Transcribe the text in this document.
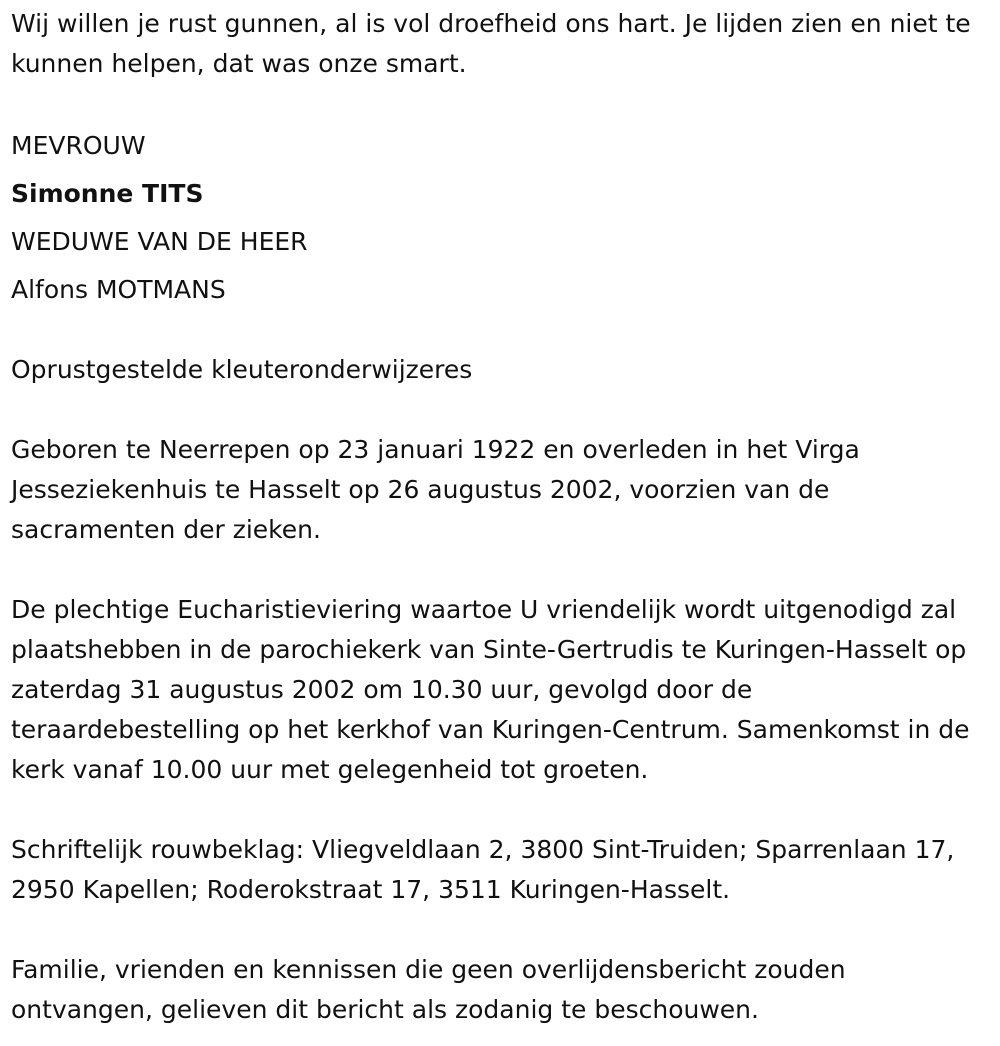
Wij willen je rust gunnen, al is vol droefheid ons hart. Je lijden zien en niet te kunnen helpen, dat was onze smart.

MEVROUW

Simonne TITS

WEDUWE VAN DE HEER

Alfons MOTMANS

Oprustgestelde kleuteronderwijzeres

Geboren te Neerrepen op 23 januari 1922 en overleden in het Virga Jesseziekenhuis te Hasselt op 26 augustus 2002, voorzien van de sacramenten der zieken.

De plechtige Eucharistieviering waartoe U vriendelijk wordt uitgenodigd zal plaatshebben in de parochiekerk van Sinte-Gertrudis te Kuringen-Hasselt op zaterdag 31 augustus 2002 om 10.30 uur, gevolgd door de teraardebestelling op het kerkhof van Kuringen-Centrum. Samenkomst in de kerk vanaf 10.00 uur met gelegenheid tot groeten.

Schriftelijk rouwbeklag: Vliegveldlaan 2, 3800 Sint-Truiden; Sparrenlaan 17, 2950 Kapellen; Roderokstraat 17, 3511 Kuringen-Hasselt.

Familie, vrienden en kennissen die geen overlijdensbericht zouden ontvangen, gelieven dit bericht als zodanig te beschouwen.
